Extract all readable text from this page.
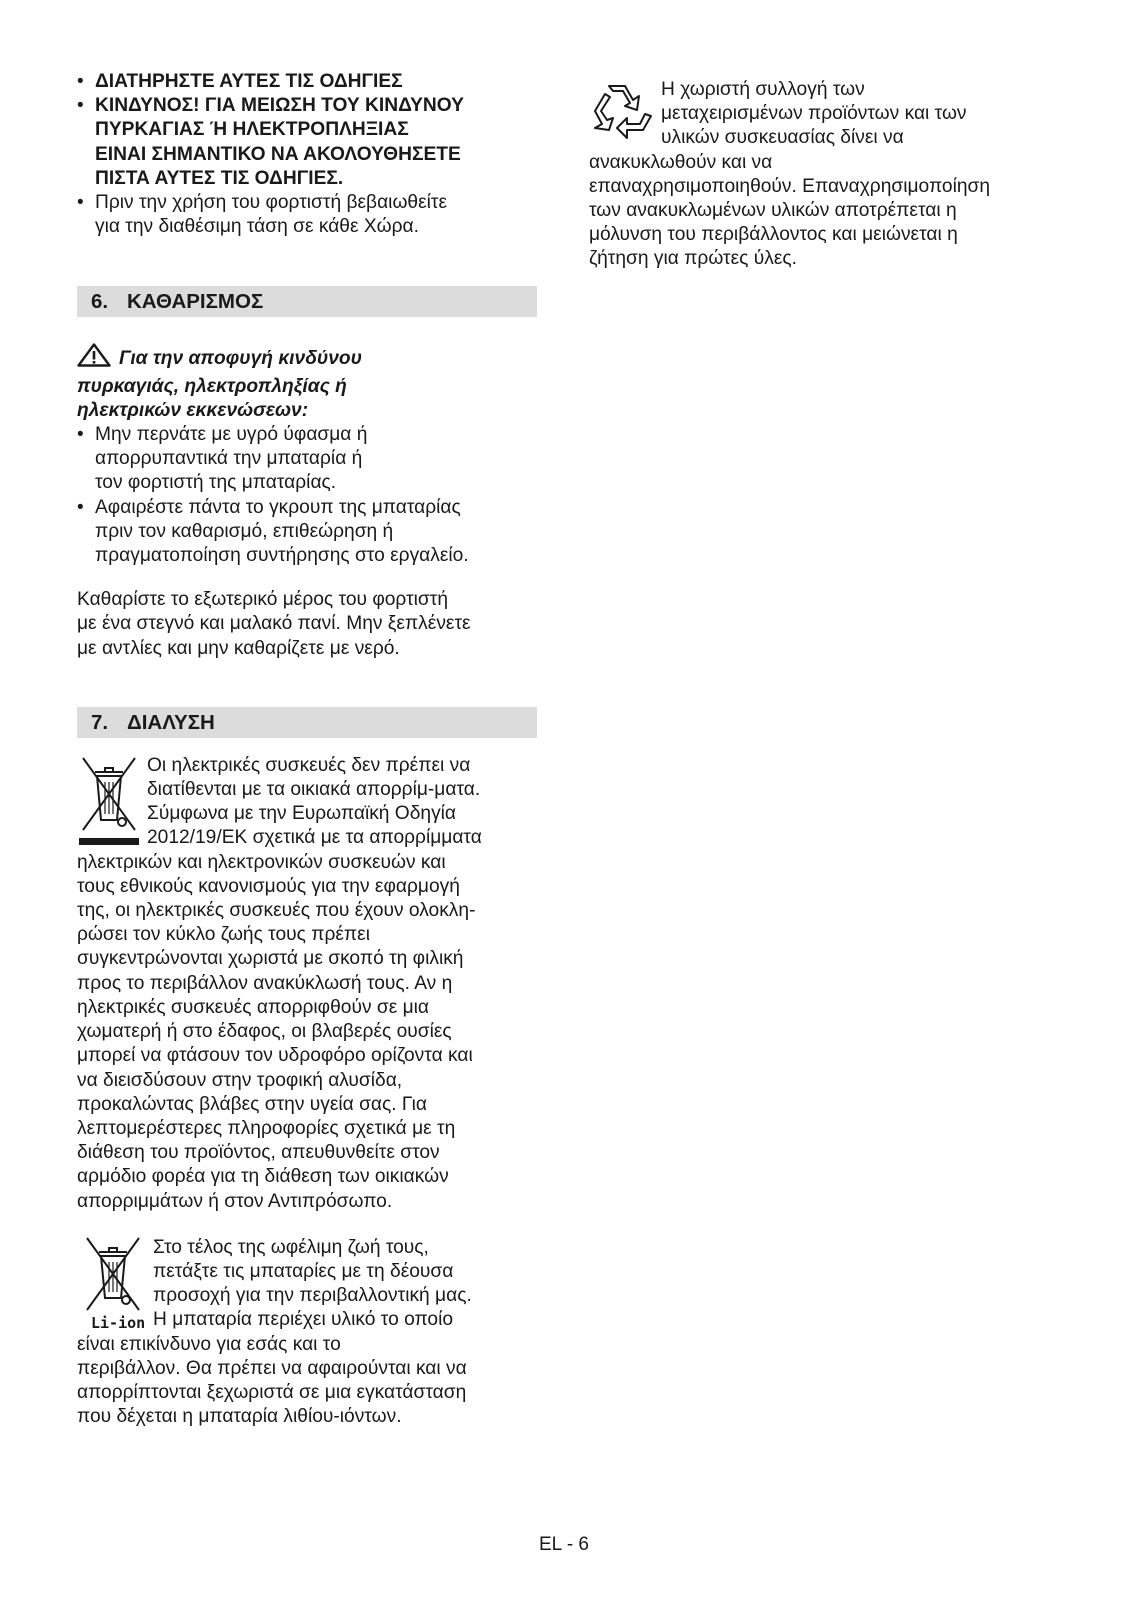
• ΔΙΑΤΗΡΗΣΤΕ ΑΥΤΕΣ ΤΙΣ ΟΔΗΓΙΕΣ
• ΚΙΝΔΥΝΟΣ! ΓΙΑ ΜΕΙΩΣΗ ΤΟΥ ΚΙΝΔΥΝΟΥ
ΠΥΡΚΑΓΙΑΣ Ή ΗΛΕΚΤΡΟΠΛΗΞΙΑΣ
ΕΙΝΑΙ ΣΗΜΑΝΤΙΚΟ ΝΑ ΑΚΟΛΟΥΘΗΣΕΤΕ
ΠΙΣΤΑ ΑΥΤΕΣ ΤΙΣ ΟΔΗΓΙΕΣ.
• Πριν την χρήση του φορτιστή βεβαιωθείτε
για την διαθέσιμη τάση σε κάθε Χώρα.
6. ΚΑΘΑΡΙΣΜΟΣ
Για την αποφυγή κινδύνου
πυρκαγιάς, ηλεκτροπληξίας ή
ηλεκτρικών εκκενώσεων:
• Μην περνάτε με υγρό ύφασμα ή
απορρυπαντικά την μπαταρία ή
τον φορτιστή της μπαταρίας.
• Αφαιρέστε πάντα το γκρουπ της μπαταρίας
πριν τον καθαρισμό, επιθεώρηση ή
πραγματοποίηση συντήρησης στο εργαλείο.
Καθαρίστε το εξωτερικό μέρος του φορτιστή
με ένα στεγνό και μαλακό πανί. Μην ξεπλένετε
με αντλίες και μην καθαρίζετε με νερό.
7. ΔΙΑΛΥΣΗ
Οι ηλεκτρικές συσκευές δεν πρέπει να
διατίθενται με τα οικιακά απορρίμ-ματα.
Σύμφωνα με την Ευρωπαϊκή Οδηγία
2012/19/ΕΚ σχετικά με τα απορρίμματα
ηλεκτρικών και ηλεκτρονικών συσκευών και
τους εθνικούς κανονισμούς για την εφαρμογή
της, οι ηλεκτρικές συσκευές που έχουν ολοκλη-
ρώσει τον κύκλο ζωής τους πρέπει
συγκεντρώνονται χωριστά με σκοπό τη φιλική
προς το περιβάλλον ανακύκλωσή τους. Αν η
ηλεκτρικές συσκευές απορριφθούν σε μια
χωματερή ή στο έδαφος, οι βλαβερές ουσίες
μπορεί να φτάσουν τον υδροφόρο ορίζοντα και
να διεισδύσουν στην τροφική αλυσίδα,
προκαλώντας βλάβες στην υγεία σας. Για
λεπτομερέστερες πληροφορίες σχετικά με τη
διάθεση του προϊόντος, απευθυνθείτε στον
αρμόδιο φορέα για τη διάθεση των οικιακών
απορριμμάτων ή στον Αντιπρόσωπο.
Li-ion
Στο τέλος της ωφέλιμη ζωή τους,
πετάξτε τις μπαταρίες με τη δέουσα
προσοχή για την περιβαλλοντική μας.
Η μπαταρία περιέχει υλικό το οποίο
είναι επικίνδυνο για εσάς και το
περιβάλλον. Θα πρέπει να αφαιρούνται και να
απορρίπτονται ξεχωριστά σε μια εγκατάσταση
που δέχεται η μπαταρία λιθίου-ιόντων.
Η χωριστή συλλογή των
μεταχειρισμένων προϊόντων και των
υλικών συσκευασίας δίνει να
ανακυκλωθούν και να
επαναχρησιμοποιηθούν. Επαναχρησιμοποίηση
των ανακυκλωμένων υλικών αποτρέπεται η
μόλυνση του περιβάλλοντος και μειώνεται η
ζήτηση για πρώτες ύλες.
EL - 6
